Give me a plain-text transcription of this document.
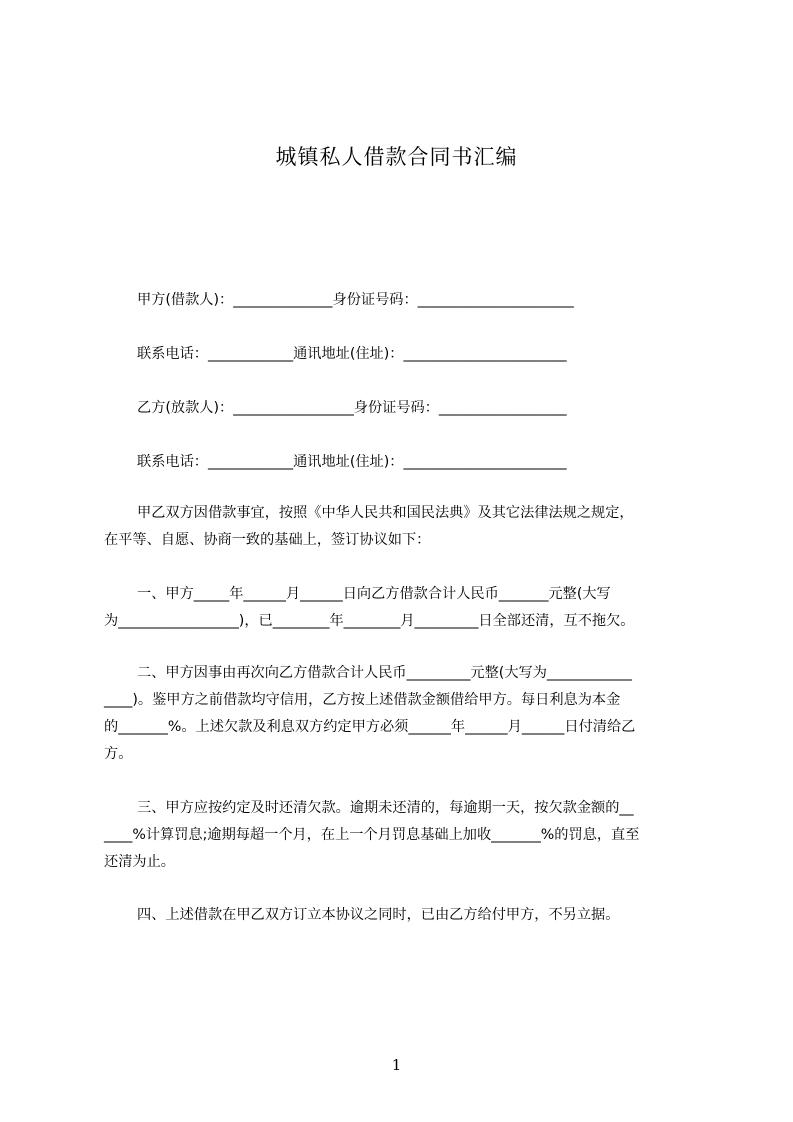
城镇私人借款合同书汇编
甲方(借款人)：______________身份证号码：______________________
联系电话：____________通讯地址(住址)：_______________________
乙方(放款人)：_________________身份证号码：__________________
联系电话：____________通讯地址(住址)：_______________________
甲乙双方因借款事宜，按照《中华人民共和国民法典》及其它法律法规之规定，
在平等、自愿、协商一致的基础上，签订协议如下：
一、甲方_____年______月______日向乙方借款合计人民币_______元整(大写
为_________________)，已________年________月_________日全部还清，互不拖欠。
二、甲方因事由再次向乙方借款合计人民币_________元整(大写为____________
____)。鉴甲方之前借款均守信用，乙方按上述借款金额借给甲方。每日利息为本金
的_______%。上述欠款及利息双方约定甲方必须______年______月______日付清给乙
方。
三、甲方应按约定及时还清欠款。逾期未还清的，每逾期一天，按欠款金额的__
____%计算罚息;逾期每超一个月，在上一个月罚息基础上加收_______%的罚息，直至
还清为止。
四、上述借款在甲乙双方订立本协议之同时，已由乙方给付甲方，不另立据。
1
